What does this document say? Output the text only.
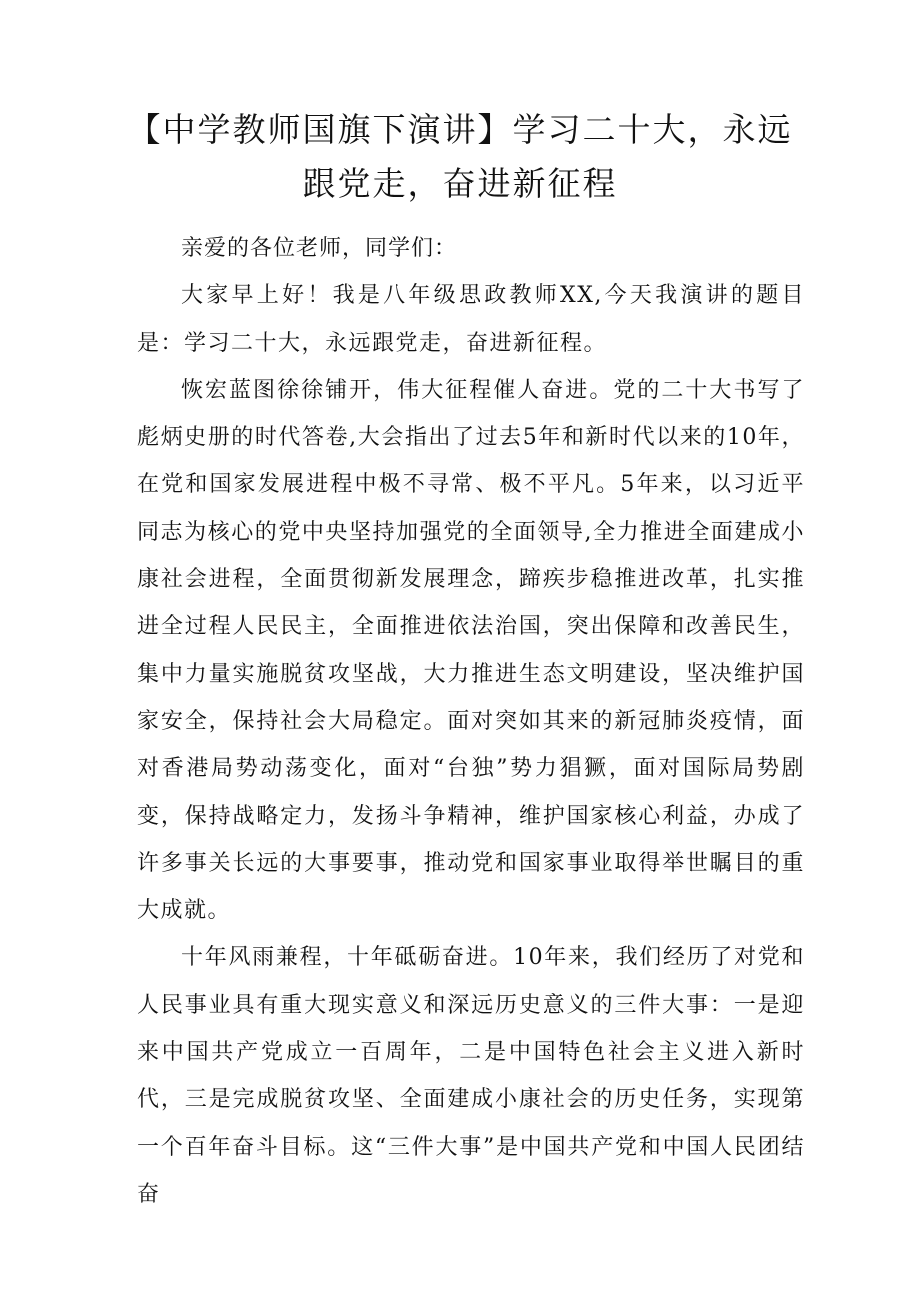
【中学教师国旗下演讲】学习二十大，永远跟党走，奋进新征程

亲爱的各位老师，同学们：

大家早上好！我是八年级思政教师XX,今天我演讲的题目是：学习二十大，永远跟党走，奋进新征程。

恢宏蓝图徐徐铺开，伟大征程催人奋进。党的二十大书写了彪炳史册的时代答卷,大会指出了过去5年和新时代以来的10年，在党和国家发展进程中极不寻常、极不平凡。5年来，以习近平同志为核心的党中央坚持加强党的全面领导,全力推进全面建成小康社会进程，全面贯彻新发展理念，蹄疾步稳推进改革，扎实推进全过程人民民主，全面推进依法治国，突出保障和改善民生，集中力量实施脱贫攻坚战，大力推进生态文明建设，坚决维护国家安全，保持社会大局稳定。面对突如其来的新冠肺炎疫情，面对香港局势动荡变化，面对“台独”势力猖獗，面对国际局势剧变，保持战略定力，发扬斗争精神，维护国家核心利益，办成了许多事关长远的大事要事，推动党和国家事业取得举世瞩目的重大成就。

十年风雨兼程，十年砥砺奋进。10年来，我们经历了对党和人民事业具有重大现实意义和深远历史意义的三件大事：一是迎来中国共产党成立一百周年，二是中国特色社会主义进入新时代，三是完成脱贫攻坚、全面建成小康社会的历史任务，实现第一个百年奋斗目标。这“三件大事”是中国共产党和中国人民团结奋
